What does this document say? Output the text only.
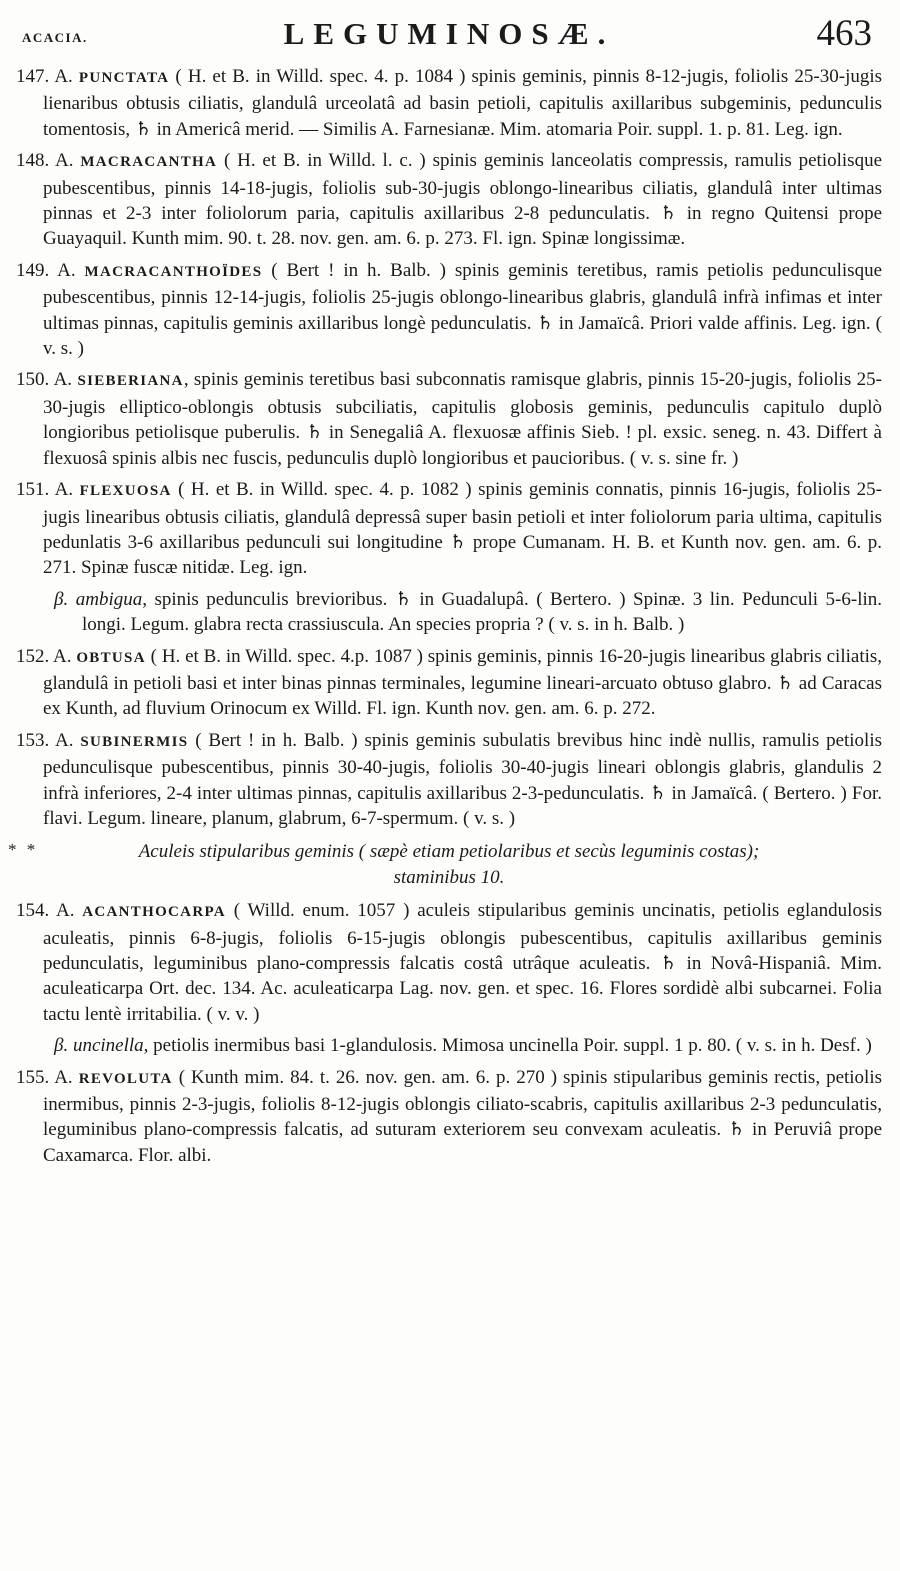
ACACIA.	LEGUMINOSÆ.	463

147. A. PUNCTATA ( H. et B. in Willd. spec. 4. p. 1084 ) spinis geminis, pinnis 8-12-jugis, foliolis 25-30-jugis lienaribus obtusis ciliatis, glandulâ urceolatâ ad basin petioli, capitulis axillaribus subgeminis, pedunculis tomentosis, ♄ in Americâ merid. — Similis A. Farnesianæ. Mim. atomaria Poir. suppl. 1. p. 81. Leg. ign.

148. A. MACRACANTHA ( H. et B. in Willd. l. c. ) spinis geminis lanceolatis compressis, ramulis petiolisque pubescentibus, pinnis 14-18-jugis, foliolis sub-30-jugis oblongo-linearibus ciliatis, glandulâ inter ultimas pinnas et 2-3 inter foliolorum paria, capitulis axillaribus 2-8 pedunculatis. ♄ in regno Quitensi prope Guayaquil. Kunth mim. 90. t. 28. nov. gen. am. 6. p. 273. Fl. ign. Spinæ longissimæ.

149. A. MACRACANTHOÏDES ( Bert ! in h. Balb. ) spinis geminis teretibus, ramis petiolis pedunculisque pubescentibus, pinnis 12-14-jugis, foliolis 25-jugis oblongo-linearibus glabris, glandulâ infrà infimas et inter ultimas pinnas, capitulis geminis axillaribus longè pedunculatis. ♄ in Jamaïcâ. Priori valde affinis. Leg. ign. ( v. s. )

150. A. SIEBERIANA, spinis geminis teretibus basi subconnatis ramisque glabris, pinnis 15-20-jugis, foliolis 25-30-jugis elliptico-oblongis obtusis subciliatis, capitulis globosis geminis, pedunculis capitulo duplò longioribus petiolisque puberulis. ♄ in Senegaliâ A. flexuosæ affinis Sieb. ! pl. exsic. seneg. n. 43. Differt à flexuosâ spinis albis nec fuscis, pedunculis duplò longioribus et paucioribus. ( v. s. sine fr. )

151. A. FLEXUOSA ( H. et B. in Willd. spec. 4. p. 1082 ) spinis geminis connatis, pinnis 16-jugis, foliolis 25-jugis linearibus obtusis ciliatis, glandulâ depressâ super basin petioli et inter foliolorum paria ultima, capitulis pedunlatis 3-6 axillaribus pedunculi sui longitudine ♄ prope Cumanam. H. B. et Kunth nov. gen. am. 6. p. 271. Spinæ fuscæ nitidæ. Leg. ign.

β. ambigua, spinis pedunculis brevioribus. ♄ in Guadalupâ. ( Bertero. ) Spinæ. 3 lin. Pedunculi 5-6-lin. longi. Legum. glabra recta crassiuscula. An species propria ? ( v. s. in h. Balb. )

152. A. OBTUSA ( H. et B. in Willd. spec. 4.p. 1087 ) spinis geminis, pinnis 16-20-jugis linearibus glabris ciliatis, glandulâ in petioli basi et inter binas pinnas terminales, legumine lineari-arcuato obtuso glabro. ♄ ad Caracas ex Kunth, ad fluvium Orinocum ex Willd. Fl. ign. Kunth nov. gen. am. 6. p. 272.

153. A. SUBINERMIS ( Bert ! in h. Balb. ) spinis geminis subulatis brevibus hinc indè nullis, ramulis petiolis pedunculisque pubescentibus, pinnis 30-40-jugis, foliolis 30-40-jugis lineari oblongis glabris, glandulis 2 infrà inferiores, 2-4 inter ultimas pinnas, capitulis axillaribus 2-3-pedunculatis. ♄ in Jamaïcâ. ( Bertero. ) For. flavi. Legum. lineare, planum, glabrum, 6-7-spermum. ( v. s. )

* *	Aculeis stipularibus geminis ( sæpè etiam petiolaribus et secùs leguminis costas);
staminibus 10.

154. A. ACANTHOCARPA ( Willd. enum. 1057 ) aculeis stipularibus geminis uncinatis, petiolis eglandulosis aculeatis, pinnis 6-8-jugis, foliolis 6-15-jugis oblongis pubescentibus, capitulis axillaribus geminis pedunculatis, leguminibus plano-compressis falcatis costâ utrâque aculeatis. ♄ in Novâ-Hispaniâ. Mim. aculeaticarpa Ort. dec. 134. Ac. aculeaticarpa Lag. nov. gen. et spec. 16. Flores sordidè albi subcarnei. Folia tactu lentè irritabilia. ( v. v. )

β. uncinella, petiolis inermibus basi 1-glandulosis. Mimosa uncinella Poir. suppl. 1 p. 80. ( v. s. in h. Desf. )

155. A. REVOLUTA ( Kunth mim. 84. t. 26. nov. gen. am. 6. p. 270 ) spinis stipularibus geminis rectis, petiolis inermibus, pinnis 2-3-jugis, foliolis 8-12-jugis oblongis ciliato-scabris, capitulis axillaribus 2-3 pedunculatis, leguminibus plano-compressis falcatis, ad suturam exteriorem seu convexam aculeatis. ♄ in Peruviâ prope Caxamarca. Flor. albi.
